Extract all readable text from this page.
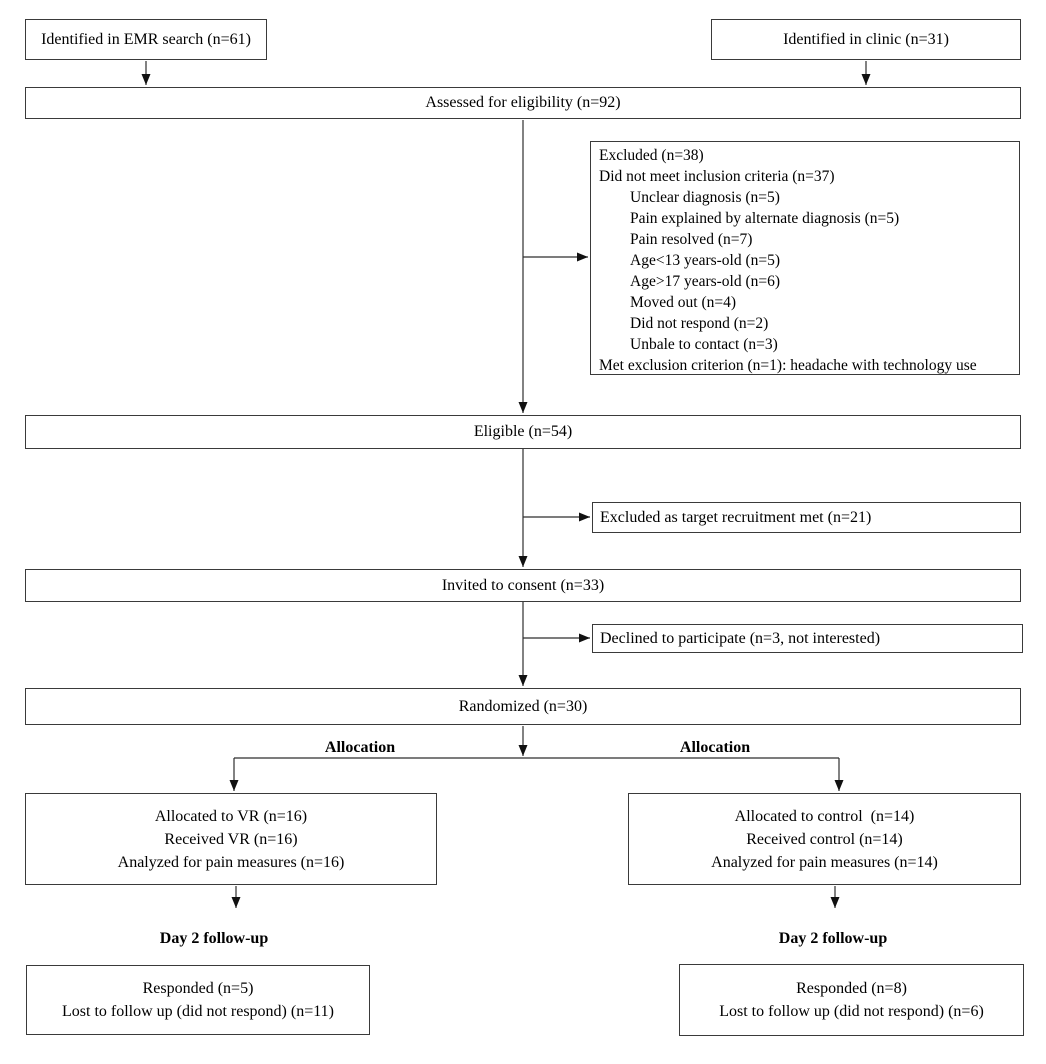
Identified in EMR search (n=61)	Identified in clinic (n=31)
Assessed for eligibility (n=92)
Excluded (n=38)
Did not meet inclusion criteria (n=37)
Unclear diagnosis (n=5)
Pain explained by alternate diagnosis (n=5)
Pain resolved (n=7)
Age<13 years-old (n=5)
Age>17 years-old (n=6)
Moved out (n=4)
Did not respond (n=2)
Unbale to contact (n=3)
Met exclusion criterion (n=1): headache with technology use
Eligible (n=54)
Excluded as target recruitment met (n=21)
Invited to consent (n=33)
Declined to participate (n=3, not interested)
Randomized (n=30)
Allocation	Allocation
Allocated to VR (n=16)
Received VR (n=16)
Analyzed for pain measures (n=16)
Allocated to control  (n=14)
Received control (n=14)
Analyzed for pain measures (n=14)
Day 2 follow-up	Day 2 follow-up
Responded (n=5)
Lost to follow up (did not respond) (n=11)
Responded (n=8)
Lost to follow up (did not respond) (n=6)
